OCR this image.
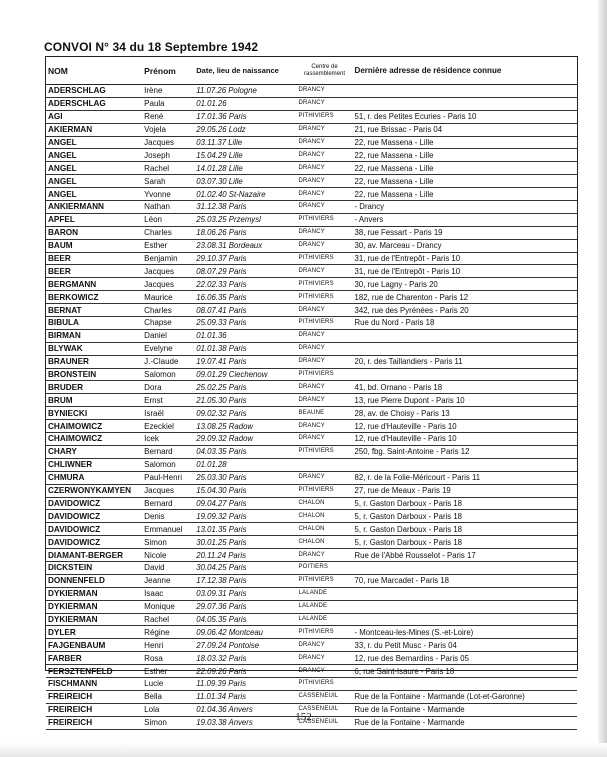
CONVOI N° 34 du 18 Septembre 1942
NOM	Prénom	Date, lieu de naissance	Centre de rassemblement	Dernière adresse de résidence connue
ADERSCHLAG	Irène	11.07.26 Pologne	DRANCY	
ADERSCHLAG	Paula	01.01.26	DRANCY	
AGI	René	17.01.36 Paris	PITHIVIERS	51, r. des Petites Ecuries - Paris 10
AKIERMAN	Vojela	29.05.26 Lodz	DRANCY	21, rue Brissac - Paris 04
ANGEL	Jacques	03.11.37 Lille	DRANCY	22, rue Massena - Lille
ANGEL	Joseph	15.04.29 Lille	DRANCY	22, rue Massena - Lille
ANGEL	Rachel	14.01.28 Lille	DRANCY	22, rue Massena - Lille
ANGEL	Sarah	03.07.30 Lille	DRANCY	22, rue Massena - Lille
ANGEL	Yvonne	01.02.40 St-Nazaire	DRANCY	22, rue Massena - Lille
ANKIERMANN	Nathan	31.12.38 Paris	DRANCY	- Drancy
APFEL	Léon	25.03.25 Przemysl	PITHIVIERS	- Anvers
BARON	Charles	18.06.26 Paris	DRANCY	38, rue Fessart - Paris 19
BAUM	Esther	23.08.31 Bordeaux	DRANCY	30, av. Marceau - Drancy
BEER	Benjamin	29.10.37 Paris	PITHIVIERS	31, rue de l'Entrepôt - Paris 10
BEER	Jacques	08.07.29 Paris	DRANCY	31, rue de l'Entrepôt - Paris 10
BERGMANN	Jacques	22.02.33 Paris	PITHIVIERS	30, rue Lagny - Paris 20
BERKOWICZ	Maurice	16.06.35 Paris	PITHIVIERS	182, rue de Charenton - Paris 12
BERNAT	Charles	08.07.41 Paris	DRANCY	342, rue des Pyrénées - Paris 20
BIBULA	Chapse	25.09.33 Paris	PITHIVIERS	Rue du Nord - Paris 18
BIRMAN	Daniel	01.01.36	DRANCY	
BLYWAK	Evelyne	01.01.38 Paris	DRANCY	
BRAUNER	J.-Claude	19.07.41 Paris	DRANCY	20, r. des Taillandiers - Paris 11
BRONSTEIN	Salomon	09.01.29 Ciechenow	PITHIVIERS	
BRUDER	Dora	25.02.25 Paris	DRANCY	41, bd. Ornano - Paris 18
BRUM	Ernst	21.05.30 Paris	DRANCY	13, rue Pierre Dupont - Paris 10
BYNIECKI	Israël	09.02.32 Paris	BEAUNE	28, av. de Choisy - Paris 13
CHAIMOWICZ	Ezeckiel	13.08.25 Radow	DRANCY	12, rue d'Hauteville - Paris 10
CHAIMOWICZ	Icek	29.09.32 Radow	DRANCY	12, rue d'Hauteville - Paris 10
CHARY	Bernard	04.03.35 Paris	PITHIVIERS	250, fbg. Saint-Antoine - Paris 12
CHLIWNER	Salomon	01.01.28		
CHMURA	Paul-Henri	25.03.30 Paris	DRANCY	82, r. de la Folie-Méricourt - Paris 11
CZERWONYKAMYEN	Jacques	15.04.30 Paris	PITHIVIERS	27, rue de Meaux - Paris 19
DAVIDOWICZ	Bernard	09.04.27 Paris	CHALON	5, r. Gaston Darboux - Paris 18
DAVIDOWICZ	Denis	19.09.32 Paris	CHALON	5, r. Gaston Darboux - Paris 18
DAVIDOWICZ	Emmanuel	13.01.35 Paris	CHALON	5, r. Gaston Darboux - Paris 18
DAVIDOWICZ	Simon	30.01.25 Paris	CHALON	5, r. Gaston Darboux - Paris 18
DIAMANT-BERGER	Nicole	20.11.24 Paris	DRANCY	Rue de l'Abbé Rousselot - Paris 17
DICKSTEIN	David	30.04.25 Paris	POITIERS	
DONNENFELD	Jeanne	17.12.38 Paris	PITHIVIERS	70, rue Marcadet - Paris 18
DYKIERMAN	Isaac	03.09.31 Paris	LALANDE	
DYKIERMAN	Monique	29.07.36 Paris	LALANDE	
DYKIERMAN	Rachel	04.05.35 Paris	LALANDE	
DYLER	Régine	09.06.42 Montceau	PITHIVIERS	- Montceau-les-Mines (S.-et-Loire)
FAJGENBAUM	Henri	27.09.24 Pontoise	DRANCY	33, r. du Petit Musc - Paris 04
FARBER	Rosa	18.03.32 Paris	DRANCY	12, rue des Bernardins - Paris 05
FERSZTENFELD	Esther	22.09.26 Paris	DRANCY	6, rue Saint-Isaure - Paris 18
FISCHMANN	Lucie	11.09.39 Paris	PITHIVIERS	
FREIREICH	Bella	11.01.34 Paris	CASSENEUIL	Rue de la Fontaine - Marmande (Lot-et-Garonne)
FREIREICH	Lola	01.04.36 Anvers	CASSENEUIL	Rue de la Fontaine - Marmande
FREIREICH	Simon	19.03.38 Anvers	CASSENEUIL	Rue de la Fontaine - Marmande
152
